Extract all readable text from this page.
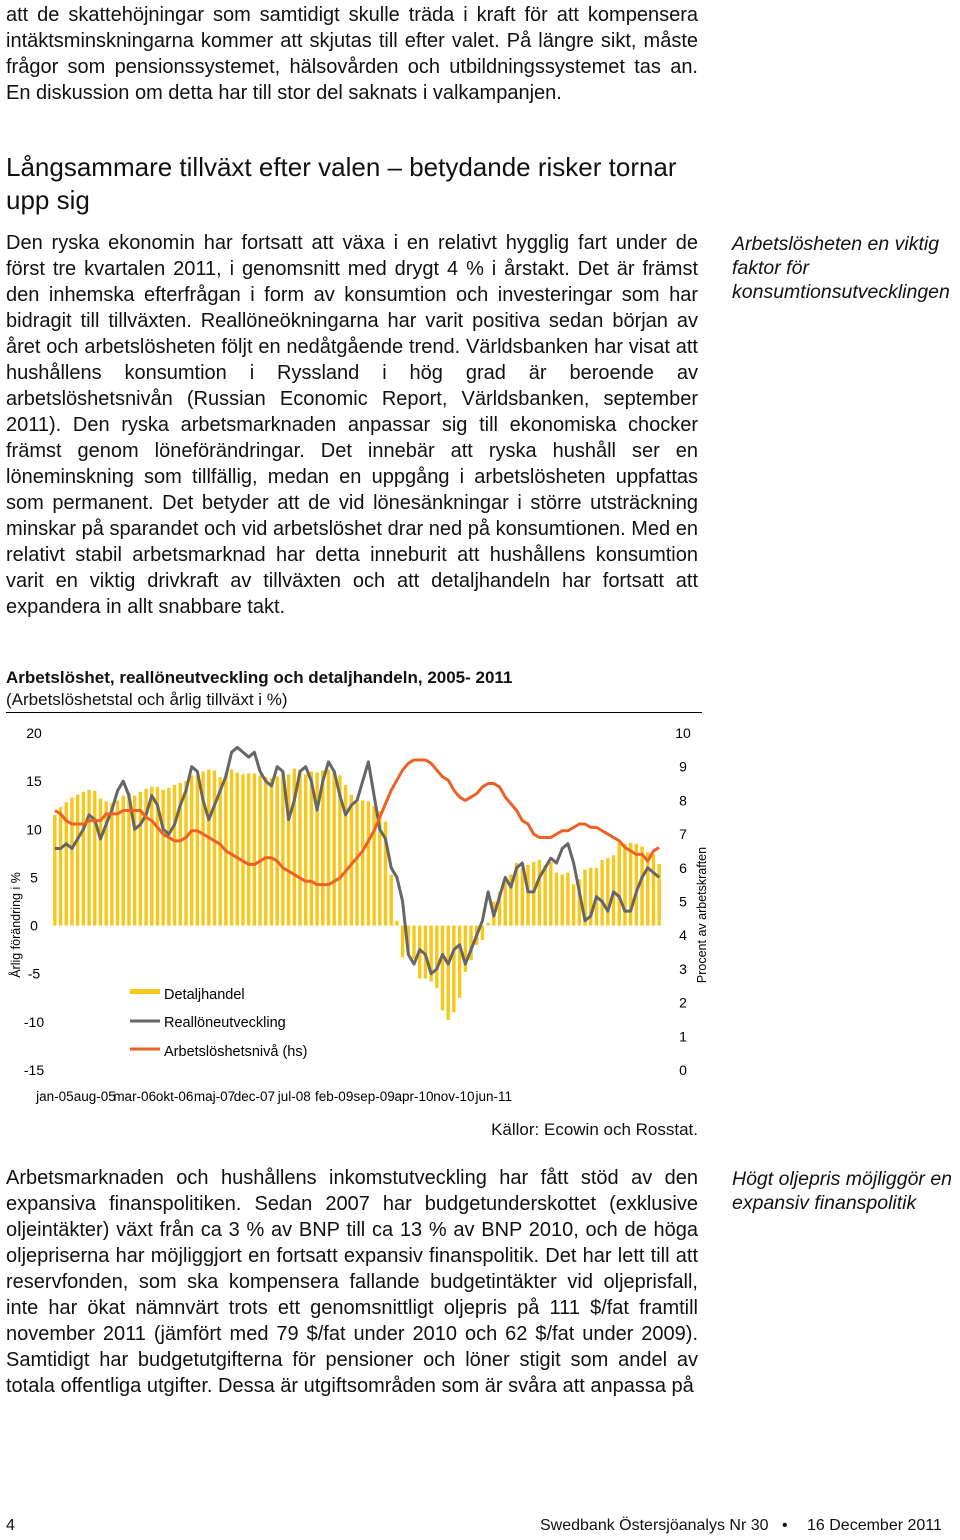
att de skattehöjningar som samtidigt skulle träda i kraft för att kompensera intäktsminskningarna kommer att skjutas till efter valet. På längre sikt, måste frågor som pensionssystemet, hälsovården och utbildningssystemet tas an. En diskussion om detta har till stor del saknats i valkampanjen.

Långsammare tillväxt efter valen – betydande risker tornar upp sig

Den ryska ekonomin har fortsatt att växa i en relativt hygglig fart under de först tre kvartalen 2011, i genomsnitt med drygt 4 % i årstakt. Det är främst den inhemska efterfrågan i form av konsumtion och investeringar som har bidragit till tillväxten. Reallöneökningarna har varit positiva sedan början av året och arbetslösheten följt en nedåtgående trend. Världsbanken har visat att hushållens konsumtion i Ryssland i hög grad är beroende av arbetslöshetsnivån (Russian Economic Report, Världsbanken, september 2011). Den ryska arbetsmarknaden anpassar sig till ekonomiska chocker främst genom löneförändringar. Det innebär att ryska hushåll ser en löneminskning som tillfällig, medan en uppgång i arbetslösheten uppfattas som permanent. Det betyder att de vid lönesänkningar i större utsträckning minskar på sparandet och vid arbetslöshet drar ned på konsumtionen. Med en relativt stabil arbetsmarknad har detta inneburit att hushållens konsumtion varit en viktig drivkraft av tillväxten och att detaljhandeln har fortsatt att expandera in allt snabbare takt.

Arbetslösheten en viktig faktor för konsumtionsutvecklingen

Arbetslöshet, reallöneutveckling och detaljhandeln, 2005- 2011

(Arbetslöshetstal och årlig tillväxt i %)

20
15
10
5
0
-5
-10
-15
10
9
8
7
6
5
4
3
2
1
0
jan-05 aug-05
mar-06 okt-06 maj-07
dec-07 jul-08 feb-09 sep-09 apr-10 nov-10 jun-11
Årlig förändring i %	Procent av arbetskraften
Detaljhandel
Reallöneutveckling
Arbetslöshetsnivå (hs)

Källor: Ecowin och Rosstat.

Arbetsmarknaden och hushållens inkomstutveckling har fått stöd av den expansiva finanspolitiken. Sedan 2007 har budgetunderskottet (exklusive oljeintäkter) växt från ca 3 % av BNP till ca 13 % av BNP 2010, och de höga oljepriserna har möjliggjort en fortsatt expansiv finanspolitik. Det har lett till att reservfonden, som ska kompensera fallande budgetintäkter vid oljeprisfall, inte har ökat nämnvärt trots ett genomsnittligt oljepris på 111 $/fat framtill november 2011 (jämfört med 79 $/fat under 2010 och 62 $/fat under 2009). Samtidigt har budgetutgifterna för pensioner och löner stigit som andel av totala offentliga utgifter. Dessa är utgiftsområden som är svåra att anpassa på

Högt oljepris möjliggör en expansiv finanspolitik

4	Swedbank Östersjöanalys Nr 30 • 16 December 2011
